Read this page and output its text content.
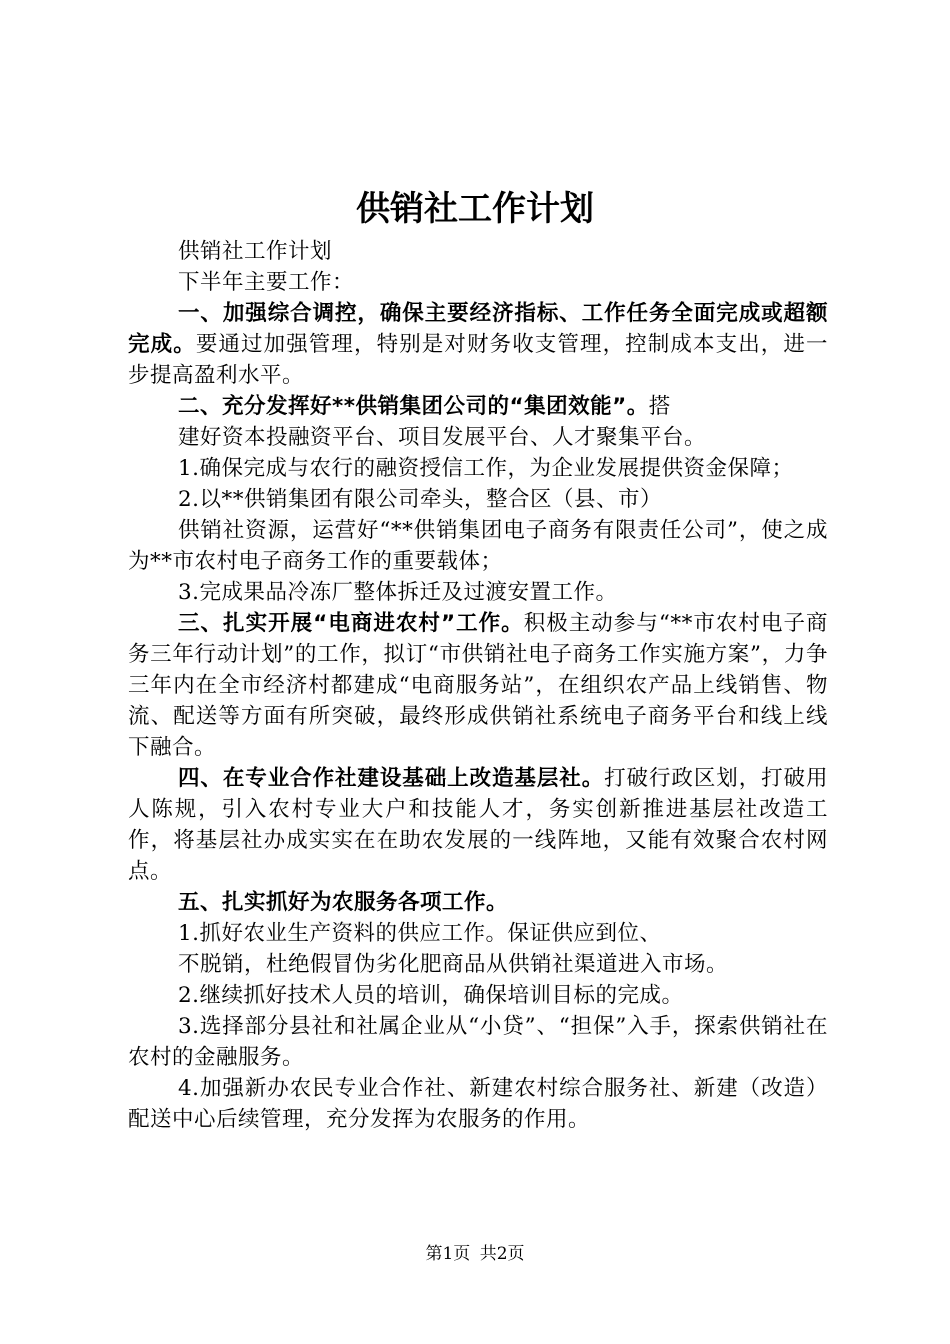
供销社工作计划

供销社工作计划

下半年主要工作：

一、加强综合调控，确保主要经济指标、工作任务全面完成或超额完成。要通过加强管理，特别是对财务收支管理，控制成本支出，进一步提高盈利水平。

二、充分发挥好**供销集团公司的“集团效能”。搭

建好资本投融资平台、项目发展平台、人才聚集平台。

1.确保完成与农行的融资授信工作，为企业发展提供资金保障；

2.以**供销集团有限公司牵头，整合区（县、市）

供销社资源，运营好“**供销集团电子商务有限责任公司”，使之成为**市农村电子商务工作的重要载体；

3.完成果品冷冻厂整体拆迁及过渡安置工作。

三、扎实开展“电商进农村”工作。积极主动参与“**市农村电子商务三年行动计划”的工作，拟订“市供销社电子商务工作实施方案”，力争三年内在全市经济村都建成“电商服务站”，在组织农产品上线销售、物流、配送等方面有所突破，最终形成供销社系统电子商务平台和线上线下融合。

四、在专业合作社建设基础上改造基层社。打破行政区划，打破用人陈规，引入农村专业大户和技能人才，务实创新推进基层社改造工作，将基层社办成实实在在助农发展的一线阵地，又能有效聚合农村网点。

五、扎实抓好为农服务各项工作。

1.抓好农业生产资料的供应工作。保证供应到位、

不脱销，杜绝假冒伪劣化肥商品从供销社渠道进入市场。

2.继续抓好技术人员的培训，确保培训目标的完成。

3.选择部分县社和社属企业从“小贷”、“担保”入手，探索供销社在农村的金融服务。

4.加强新办农民专业合作社、新建农村综合服务社、新建（改造）配送中心后续管理，充分发挥为农服务的作用。

第1页 共2页
